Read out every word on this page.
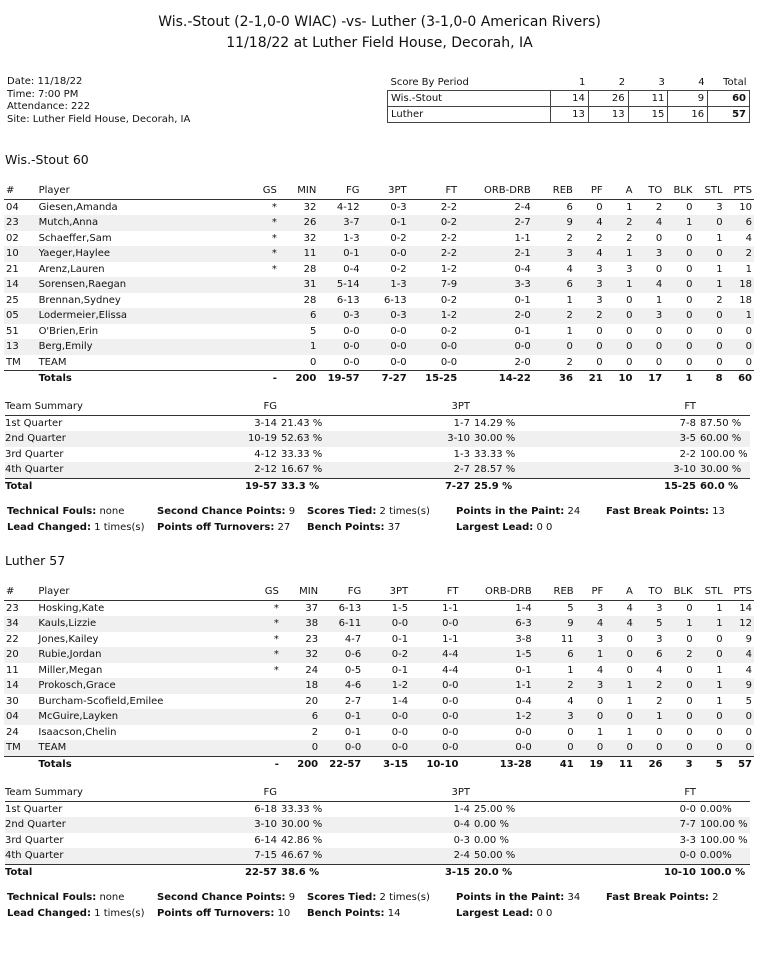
Wis.-Stout (2-1,0-0 WIAC) -vs- Luther (3-1,0-0 American Rivers)
11/18/22 at Luther Field House, Decorah, IA
Date: 11/18/22
Time: 7:00 PM
Attendance: 222
Site: Luther Field House, Decorah, IA
Score By Period	1	2	3	4	Total
Wis.-Stout	14	26	11	9	60
Luther	13	13	15	16	57
Wis.-Stout 60
#	Player	GS	MIN	FG	3PT	FT	ORB-DRB	REB	PF	A	TO	BLK	STL	PTS
04	Giesen,Amanda	*	32	4-12	0-3	2-2	2-4	6	0	1	2	0	3	10
23	Mutch,Anna	*	26	3-7	0-1	0-2	2-7	9	4	2	4	1	0	6
02	Schaeffer,Sam	*	32	1-3	0-2	2-2	1-1	2	2	2	0	0	1	4
10	Yaeger,Haylee	*	11	0-1	0-0	2-2	2-1	3	4	1	3	0	0	2
21	Arenz,Lauren	*	28	0-4	0-2	1-2	0-4	4	3	3	0	0	1	1
14	Sorensen,Raegan		31	5-14	1-3	7-9	3-3	6	3	1	4	0	1	18
25	Brennan,Sydney		28	6-13	6-13	0-2	0-1	1	3	0	1	0	2	18
05	Lodermeier,Elissa		6	0-3	0-3	1-2	2-0	2	2	0	3	0	0	1
51	O'Brien,Erin		5	0-0	0-0	0-2	0-1	1	0	0	0	0	0	0
13	Berg,Emily		1	0-0	0-0	0-0	0-0	0	0	0	0	0	0	0
TM	TEAM		0	0-0	0-0	0-0	2-0	2	0	0	0	0	0	0
	Totals	-	200	19-57	7-27	15-25	14-22	36	21	10	17	1	8	60
Team Summary	FG		3PT		FT	
1st Quarter	3-14	21.43 %	1-7	14.29 %	7-8	87.50 %
2nd Quarter	10-19	52.63 %	3-10	30.00 %	3-5	60.00 %
3rd Quarter	4-12	33.33 %	1-3	33.33 %	2-2	100.00 %
4th Quarter	2-12	16.67 %	2-7	28.57 %	3-10	30.00 %
Total	19-57	33.3 %	7-27	25.9 %	15-25	60.0 %
Technical Fouls: none	Second Chance Points: 9 Scores Tied: 2 times(s)	Points in the Paint: 24	Fast Break Points: 13
Lead Changed: 1 times(s) Points off Turnovers: 27 Bench Points: 37	Largest Lead: 0 0
Luther 57
#	Player	GS	MIN	FG	3PT	FT	ORB-DRB	REB	PF	A	TO	BLK	STL	PTS
23	Hosking,Kate	*	37	6-13	1-5	1-1	1-4	5	3	4	3	0	1	14
34	Kauls,Lizzie	*	38	6-11	0-0	0-0	6-3	9	4	4	5	1	1	12
22	Jones,Kailey	*	23	4-7	0-1	1-1	3-8	11	3	0	3	0	0	9
20	Rubie,Jordan	*	32	0-6	0-2	4-4	1-5	6	1	0	6	2	0	4
11	Miller,Megan	*	24	0-5	0-1	4-4	0-1	1	4	0	4	0	1	4
14	Prokosch,Grace		18	4-6	1-2	0-0	1-1	2	3	1	2	0	1	9
30	Burcham-Scofield,Emilee		20	2-7	1-4	0-0	0-4	4	0	1	2	0	1	5
04	McGuire,Layken		6	0-1	0-0	0-0	1-2	3	0	0	1	0	0	0
24	Isaacson,Chelin		2	0-1	0-0	0-0	0-0	0	1	1	0	0	0	0
TM	TEAM		0	0-0	0-0	0-0	0-0	0	0	0	0	0	0	0
	Totals	-	200	22-57	3-15	10-10	13-28	41	19	11	26	3	5	57
Team Summary	FG		3PT		FT	
1st Quarter	6-18	33.33 %	1-4	25.00 %	0-0	0.00%
2nd Quarter	3-10	30.00 %	0-4	0.00 %	7-7	100.00 %
3rd Quarter	6-14	42.86 %	0-3	0.00 %	3-3	100.00 %
4th Quarter	7-15	46.67 %	2-4	50.00 %	0-0	0.00%
Total	22-57	38.6 %	3-15	20.0 %	10-10	100.0 %
Technical Fouls: none	Second Chance Points: 9 Scores Tied: 2 times(s)	Points in the Paint: 34	Fast Break Points: 2
Lead Changed: 1 times(s) Points off Turnovers: 10 Bench Points: 14	Largest Lead: 0 0
